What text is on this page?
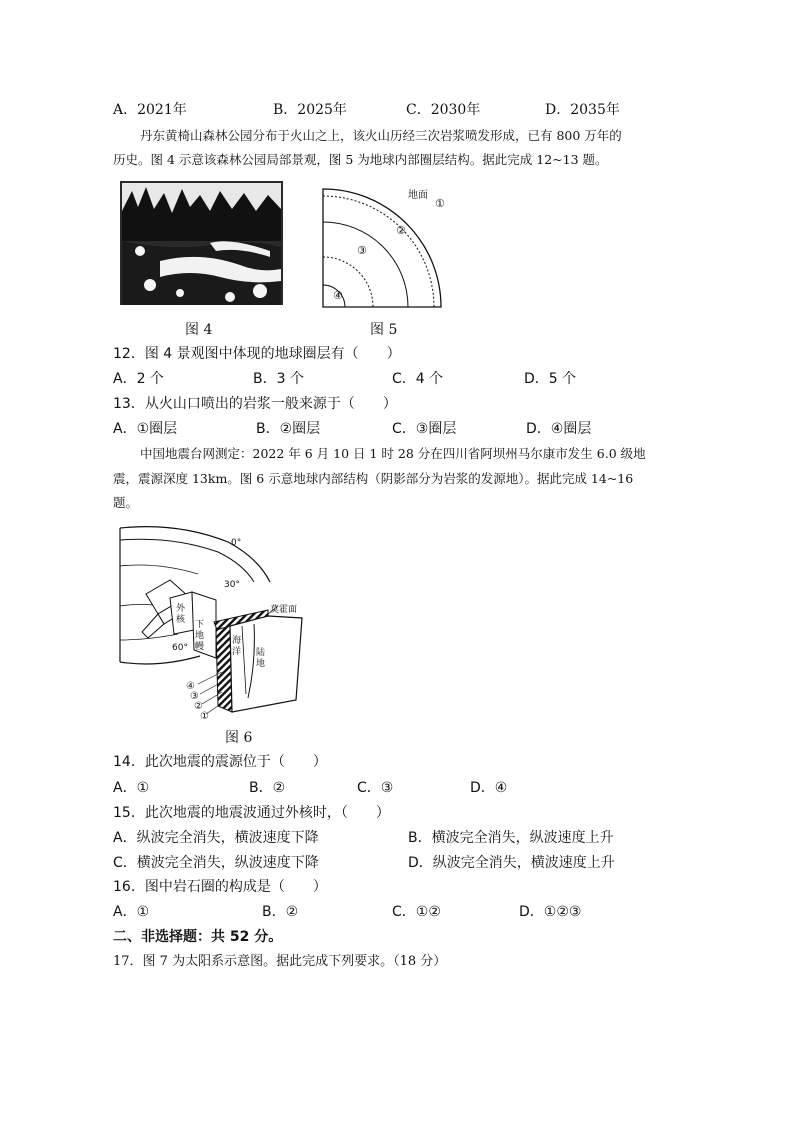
A．2021年	B．2025年	C．2030年	D．2035年
丹东黄椅山森林公园分布于火山之上，该火山历经三次岩浆喷发形成，已有 800 万年的
历史。图 4 示意该森林公园局部景观，图 5 为地球内部圈层结构。据此完成 12~13 题。
图 4
地面
①
②
③
④
图 5
12．图 4 景观图中体现的地球圈层有（　　）
A．2 个	B．3 个	C．4 个	D．5 个
13．从火山口喷出的岩浆一般来源于（　　）
A．①圈层	B．②圈层	C．③圈层	D．④圈层
中国地震台网测定：2022 年 6 月 10 日 1 时 28 分在四川省阿坝州马尔康市发生 6.0 级地
震，震源深度 13km。图 6 示意地球内部结构（阴影部分为岩浆的发源地）。据此完成 14~16
题。
0°
30°
60°
莫霍面
外核 下地幔
海洋 陆地
④
③
②
①
图 6
14．此次地震的震源位于（　　）
A．①	B．②	C．③	D．④
15．此次地震的地震波通过外核时，（　　）
A．纵波完全消失，横波速度下降	B．横波完全消失，纵波速度上升
C．横波完全消失，纵波速度下降	D．纵波完全消失，横波速度上升
16．图中岩石圈的构成是（　　）
A．①	B．②	C．①②	D．①②③
二、非选择题：共 52 分。
17．图 7 为太阳系示意图。据此完成下列要求。（18 分）
